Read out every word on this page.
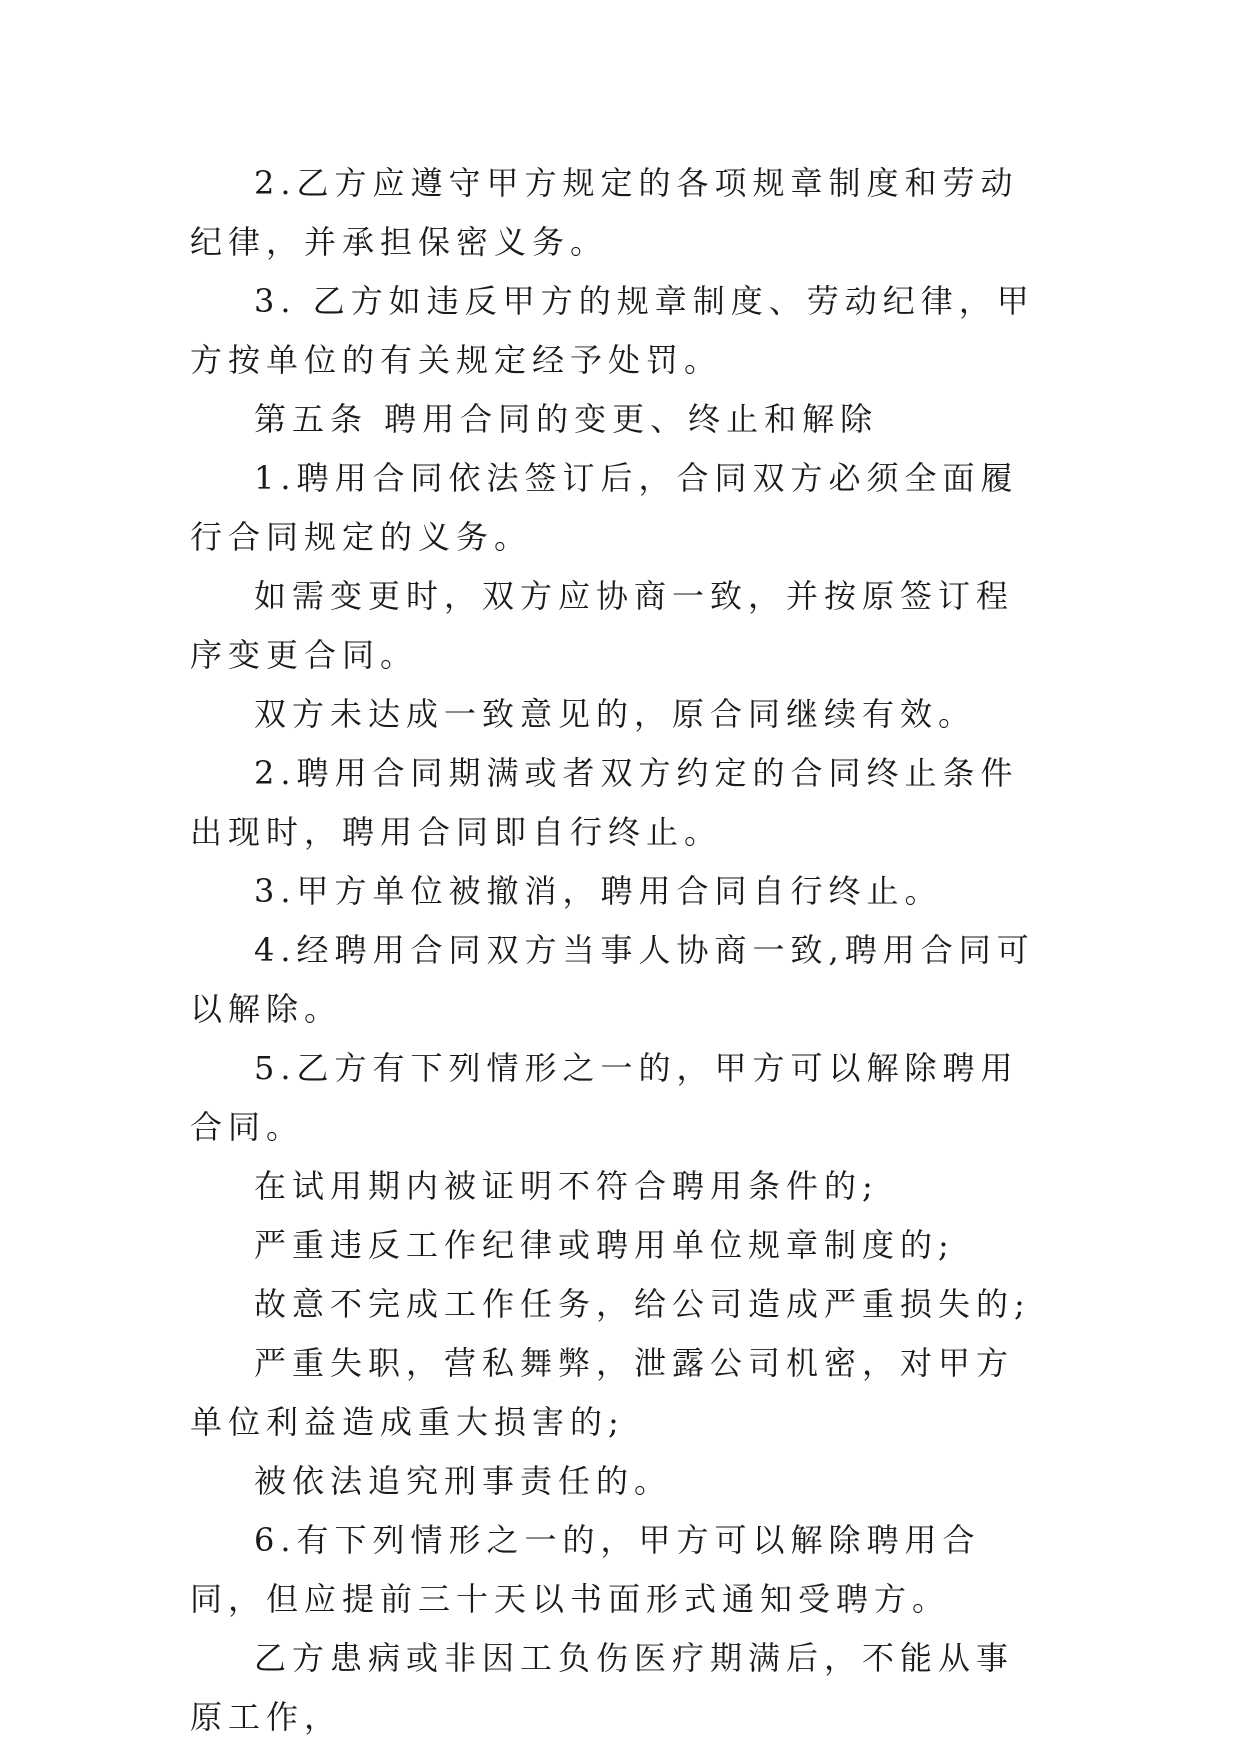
2.乙方应遵守甲方规定的各项规章制度和劳动纪律，并承担保密义务。

3. 乙方如违反甲方的规章制度、劳动纪律，甲方按单位的有关规定经予处罚。

第五条 聘用合同的变更、终止和解除

1.聘用合同依法签订后，合同双方必须全面履行合同规定的义务。

如需变更时，双方应协商一致，并按原签订程序变更合同。

双方未达成一致意见的，原合同继续有效。

2.聘用合同期满或者双方约定的合同终止条件出现时，聘用合同即自行终止。

3.甲方单位被撤消，聘用合同自行终止。

4.经聘用合同双方当事人协商一致,聘用合同可以解除。

5.乙方有下列情形之一的，甲方可以解除聘用合同。

在试用期内被证明不符合聘用条件的;

严重违反工作纪律或聘用单位规章制度的;

故意不完成工作任务，给公司造成严重损失的;

严重失职，营私舞弊，泄露公司机密，对甲方单位利益造成重大损害的;

被依法追究刑事责任的。

6.有下列情形之一的，甲方可以解除聘用合同，但应提前三十天以书面形式通知受聘方。

乙方患病或非因工负伤医疗期满后，不能从事原工作，
